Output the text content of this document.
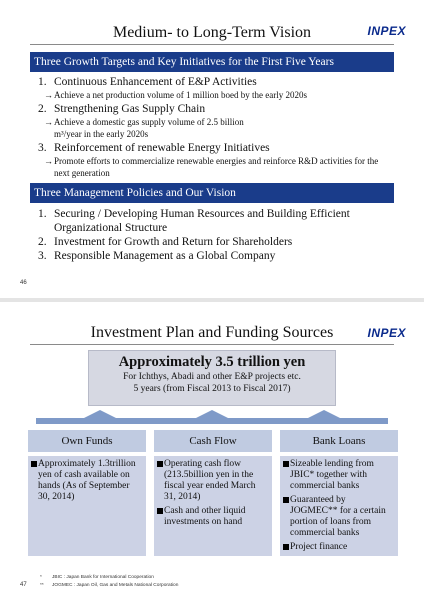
Medium- to Long-Term Vision	INPEX
Three Growth Targets and Key Initiatives for the First Five Years
1. Continuous Enhancement of E&P Activities
→ Achieve a net production volume of 1 million boed by the early 2020s
2. Strengthening Gas Supply Chain
→ Achieve a domestic gas supply volume of 2.5 billion m³/year in the early 2020s
3. Reinforcement of renewable Energy Initiatives
→ Promote efforts to commercialize renewable energies and reinforce R&D activities for the next generation
Three Management Policies and Our Vision
1. Securing / Developing Human Resources and Building Efficient Organizational Structure
2. Investment for Growth and Return for Shareholders
3. Responsible Management as a Global Company
46
Investment Plan and Funding Sources	INPEX
Approximately 3.5 trillion yen
For Ichthys, Abadi and other E&P projects etc.
5 years (from Fiscal 2013 to Fiscal 2017)
Own Funds
Approximately 1.3trillion yen of cash available on hands (As of September 30, 2014)
Cash Flow
Operating cash flow (213.5billion yen in the fiscal year ended March 31, 2014)
Cash and other liquid investments on hand
Bank Loans
Sizeable lending from JBIC* together with commercial banks
Guaranteed by JOGMEC** for a certain portion of loans from commercial banks
Project finance
*	JBIC : Japan Bank for International Cooperation
**	JOGMEC : Japan Oil, Gas and Metals National Corporation
47
